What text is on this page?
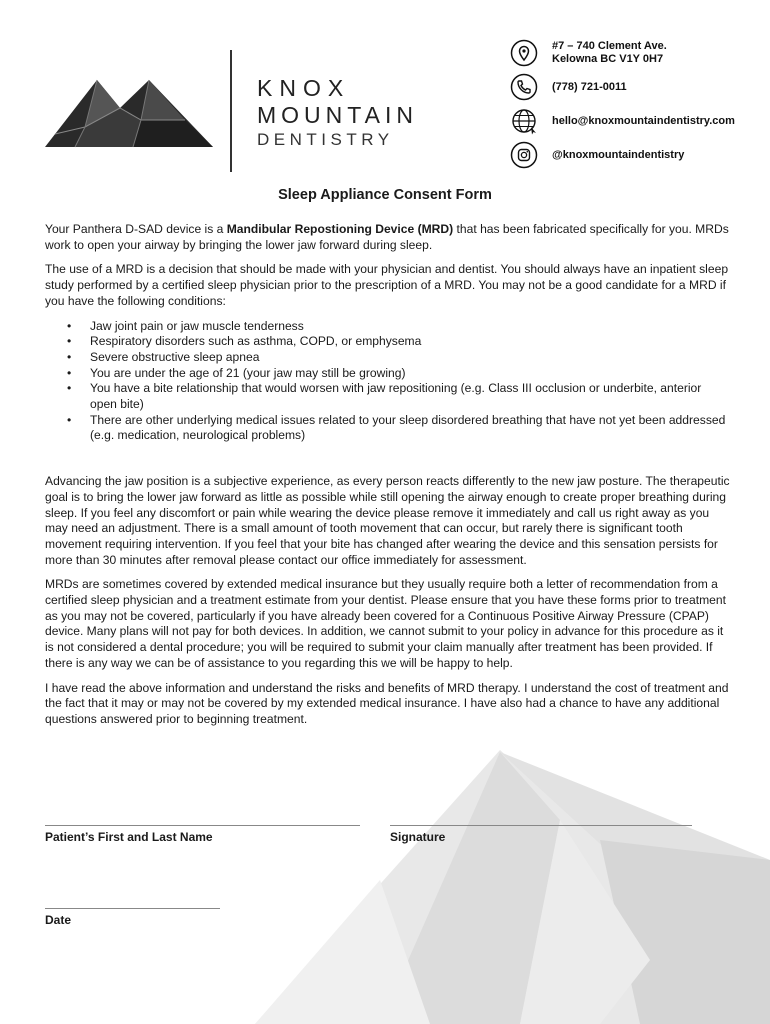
KNOX
MOUNTAIN
DENTISTRY
#7 – 740 Clement Ave.
Kelowna BC V1Y 0H7
(778) 721-0011
hello@knoxmountaindentistry.com
@knoxmountaindentistry
Sleep Appliance Consent Form

Your Panthera D-SAD device is a Mandibular Repostioning Device (MRD) that has been fabricated specifically for you. MRDs work to open your airway by bringing the lower jaw forward during sleep.

The use of a MRD is a decision that should be made with your physician and dentist. You should always have an inpatient sleep study performed by a certified sleep physician prior to the prescription of a MRD. You may not be a good candidate for a MRD if you have the following conditions:

• Jaw joint pain or jaw muscle tenderness
• Respiratory disorders such as asthma, COPD, or emphysema
• Severe obstructive sleep apnea
• You are under the age of 21 (your jaw may still be growing)
• You have a bite relationship that would worsen with jaw repositioning (e.g. Class III occlusion or underbite, anterior open bite)
• There are other underlying medical issues related to your sleep disordered breathing that have not yet been addressed (e.g. medication, neurological problems)

Advancing the jaw position is a subjective experience, as every person reacts differently to the new jaw posture. The therapeutic goal is to bring the lower jaw forward as little as possible while still opening the airway enough to create proper breathing during sleep. If you feel any discomfort or pain while wearing the device please remove it immediately and call us right away as you may need an adjustment. There is a small amount of tooth movement that can occur, but rarely there is significant tooth movement requiring intervention. If you feel that your bite has changed after wearing the device and this sensation persists for more than 30 minutes after removal please contact our office immediately for assessment.

MRDs are sometimes covered by extended medical insurance but they usually require both a letter of recommendation from a certified sleep physician and a treatment estimate from your dentist. Please ensure that you have these forms prior to treatment as you may not be covered, particularly if you have already been covered for a Continuous Positive Airway Pressure (CPAP) device. Many plans will not pay for both devices. In addition, we cannot submit to your policy in advance for this procedure as it is not considered a dental procedure; you will be required to submit your claim manually after treatment has been provided. If there is any way we can be of assistance to you regarding this we will be happy to help.

I have read the above information and understand the risks and benefits of MRD therapy. I understand the cost of treatment and the fact that it may or may not be covered by my extended medical insurance. I have also had a chance to have any additional questions answered prior to beginning treatment.

Patient’s First and Last Name	Signature
Date
